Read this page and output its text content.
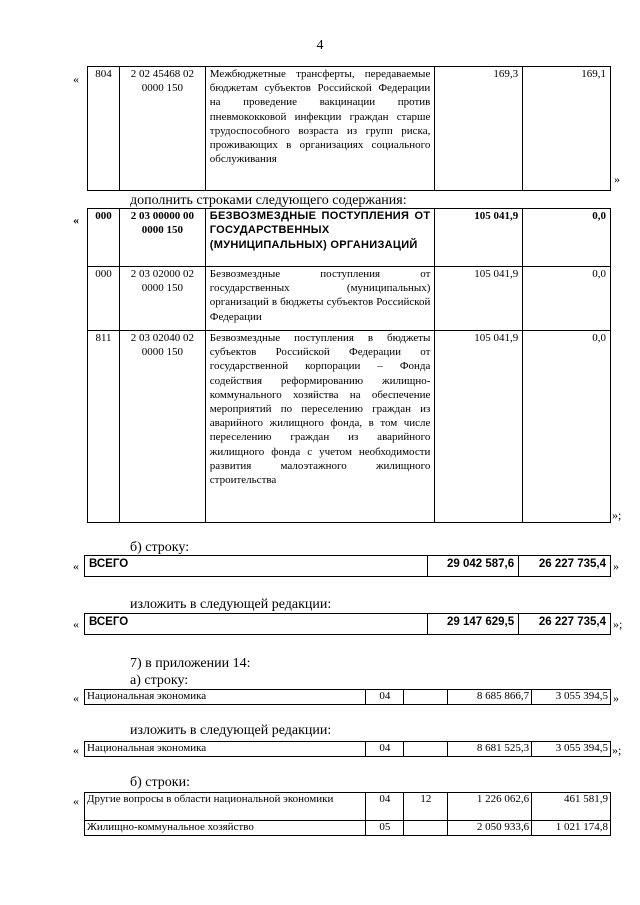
4
« 804	2 02 45468 02 0000 150	Межбюджетные трансферты, передаваемые бюджетам субъектов Российской Федерации на проведение вакцинации против пневмококковой инфекции граждан старше трудоспособного возраста из групп риска, проживающих в организациях социального обслуживания	169,3	169,1
»
дополнить строками следующего содержания:
« 000	2 03 00000 00 0000 150	БЕЗВОЗМЕЗДНЫЕ ПОСТУПЛЕНИЯ ОТ ГОСУДАРСТВЕННЫХ (МУНИЦИПАЛЬНЫХ) ОРГАНИЗАЦИЙ	105 041,9	0,0
000	2 03 02000 02 0000 150	Безвозмездные поступления от государственных (муниципальных) организаций в бюджеты субъектов Российской Федерации	105 041,9	0,0
811	2 03 02040 02 0000 150	Безвозмездные поступления в бюджеты субъектов Российской Федерации от государственной корпорации – Фонда содействия реформированию жилищно-коммунального хозяйства на обеспечение мероприятий по переселению граждан из аварийного жилищного фонда, в том числе переселению граждан из аварийного жилищного фонда с учетом необходимости развития малоэтажного жилищного строительства	105 041,9	0,0
»;
б) строку:
« ВСЕГО	29 042 587,6	26 227 735,4 »
изложить в следующей редакции:
« ВСЕГО	29 147 629,5	26 227 735,4 »;
7) в приложении 14:
а) строку:
« Национальная экономика	04		8 685 866,7	3 055 394,5 »
изложить в следующей редакции:
« Национальная экономика	04		8 681 525,3	3 055 394,5 »;
б) строки:
« Другие вопросы в области национальной экономики	04	12	1 226 062,6	461 581,9
Жилищно-коммунальное хозяйство	05		2 050 933,6	1 021 174,8
